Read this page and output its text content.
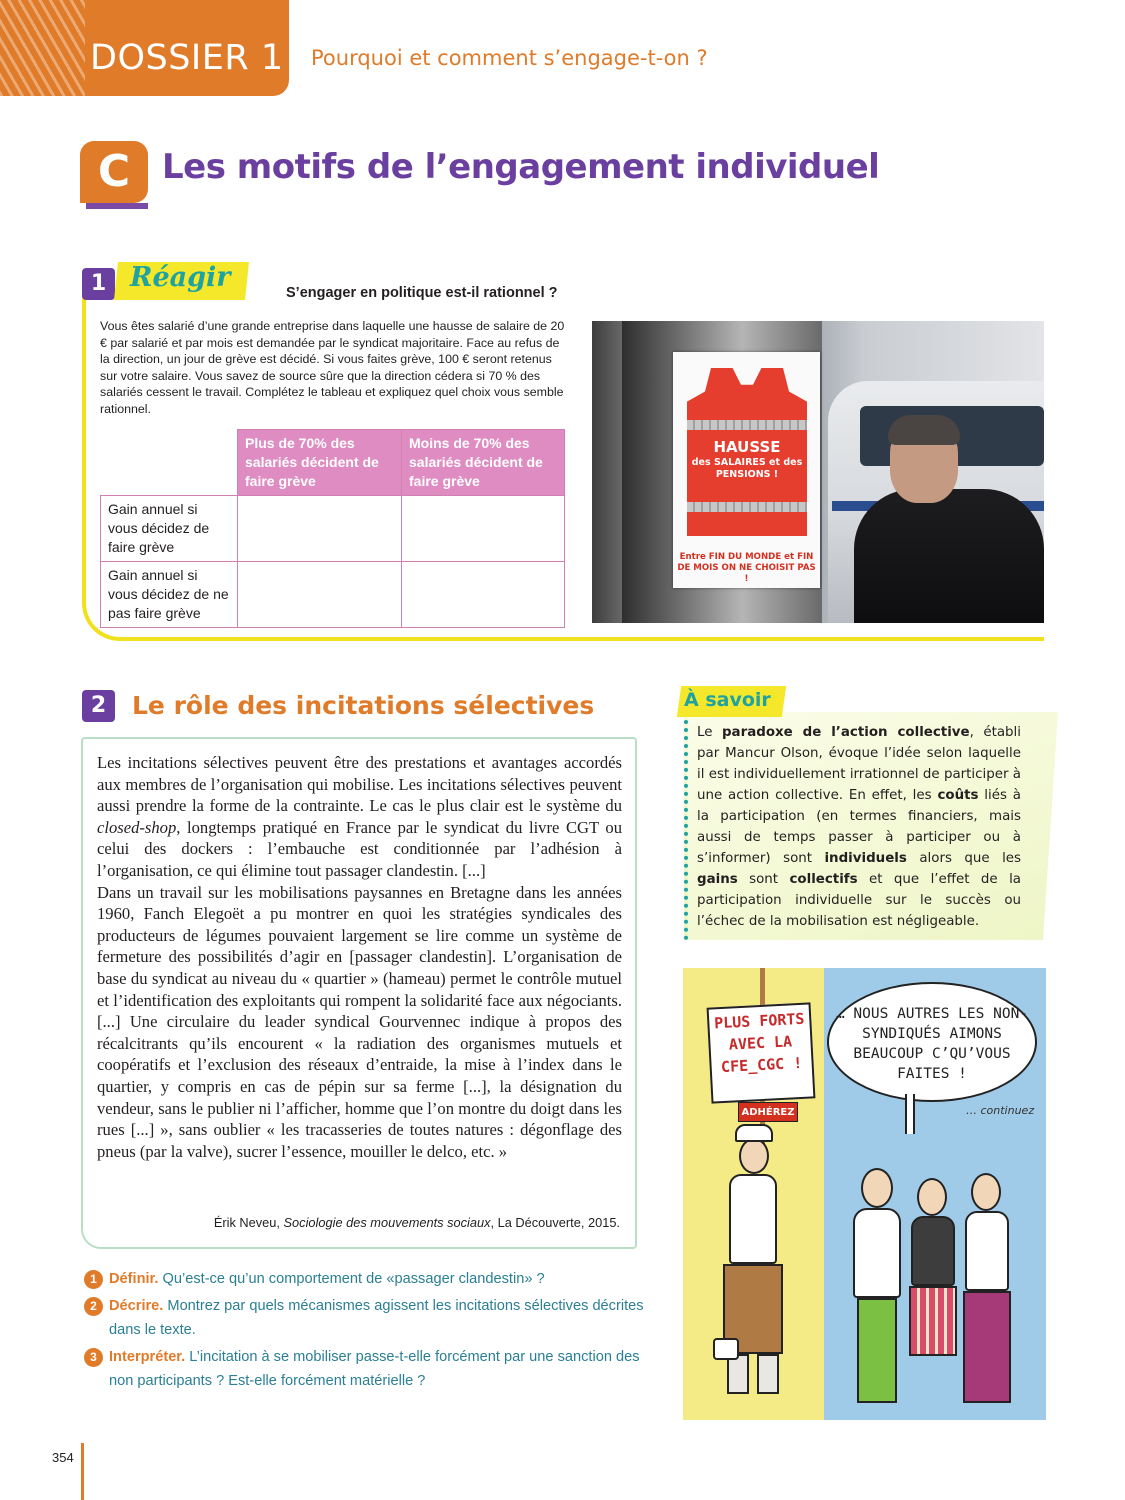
DOSSIER 1 Pourquoi et comment s’engage-t-on ?
C Les motifs de l’engagement individuel
1 Réagir	S’engager en politique est-il rationnel ?
Vous êtes salarié d’une grande entreprise dans laquelle une hausse de salaire de 20 € par salarié et par mois est demandée par le syndicat majoritaire. Face au refus de la direction, un jour de grève est décidé. Si vous faites grève, 100 € seront retenus sur votre salaire. Vous savez de source sûre que la direction cédera si 70 % des salariés cessent le travail. Complétez le tableau et expliquez quel choix vous semble rationnel.
	Plus de 70% des salariés décident de faire grève	Moins de 70% des salariés décident de faire grève
Gain annuel si vous décidez de faire grève		
Gain annuel si vous décidez de ne pas faire grève		
HAUSSE
des SALAIRES et des PENSIONS !
Entre FIN DU MONDE et FIN DE MOIS ON NE CHOISIT PAS !
2	Le rôle des incitations sélectives

Les incitations sélectives peuvent être des prestations et avantages accordés aux membres de l’organisation qui mobilise. Les incitations sélectives peuvent aussi prendre la forme de la contrainte. Le cas le plus clair est le système du closed-shop, longtemps pratiqué en France par le syndicat du livre CGT ou celui des dockers : l’embauche est conditionnée par l’adhésion à l’organisation, ce qui élimine tout passager clandestin. [...]

Dans un travail sur les mobilisations paysannes en Bretagne dans les années 1960, Fanch Elegoët a pu montrer en quoi les stratégies syndicales des producteurs de légumes pouvaient largement se lire comme un système de fermeture des possibilités d’agir en [passager clandestin]. L’organisation de base du syndicat au niveau du « quartier » (hameau) permet le contrôle mutuel et l’identification des exploitants qui rompent la solidarité face aux négociants. [...] Une circulaire du leader syndical Gourvennec indique à propos des récalcitrants qu’ils encourent « la radiation des organismes mutuels et coopératifs et l’exclusion des réseaux d’entraide, la mise à l’index dans le quartier, y compris en cas de pépin sur sa ferme [...], la désignation du vendeur, sans le publier ni l’afficher, homme que l’on montre du doigt dans les rues [...] », sans oublier « les tracasseries de toutes natures : dégonflage des pneus (par la valve), sucrer l’essence, mouiller le delco, etc. »

Érik Neveu, Sociologie des mouvements sociaux, La Découverte, 2015.
1 Définir. Qu’est-ce qu’un comportement de «passager clandestin» ?
2 Décrire. Montrez par quels mécanismes agissent les incitations sélectives décrites dans le texte.
3 Interpréter. L’incitation à se mobiliser passe-t-elle forcément par une sanction des non participants ? Est-elle forcément matérielle ?
À savoir
Le paradoxe de l’action collective, établi par Mancur Olson, évoque l’idée selon laquelle il est individuellement irrationnel de participer à une action collective. En effet, les coûts liés à la participation (en termes financiers, mais aussi de temps passer à participer ou à s’informer) sont individuels alors que les gains sont collectifs et que l’effet de la participation individuelle sur le succès ou l’échec de la mobilisation est négligeable.
PLUS FORTS AVEC LA CFE_CGC !
ADHÉREZ
… NOUS AUTRES LES NON-SYNDIQUÉS AIMONS BEAUCOUP C’QU’VOUS FAITES !
… continuez
354
